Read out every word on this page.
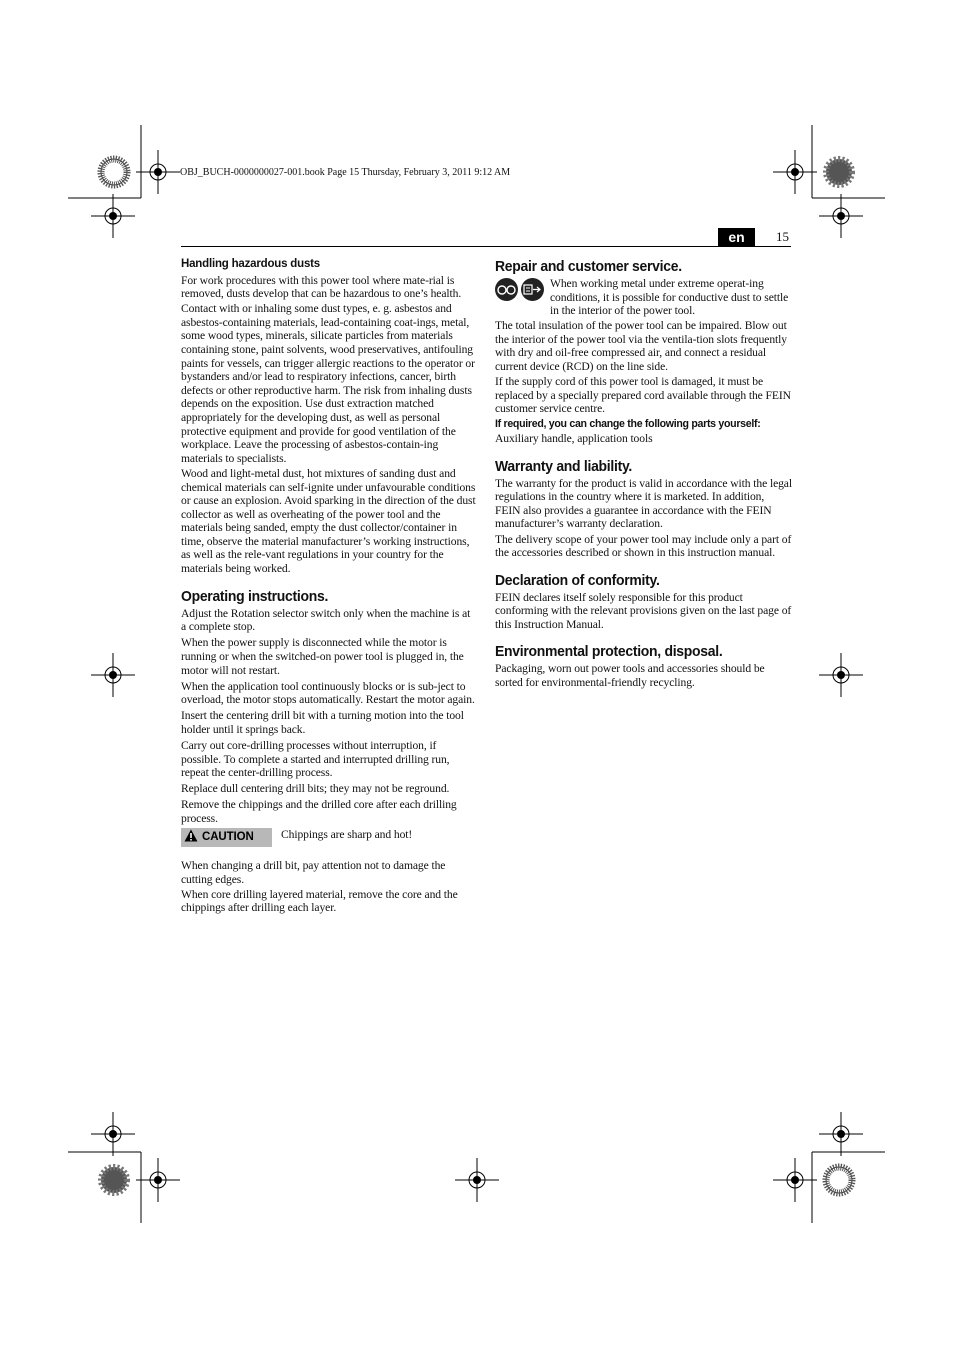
OBJ_BUCH-0000000027-001.book Page 15 Thursday, February 3, 2011 9:12 AM
en	15
Handling hazardous dusts

For work procedures with this power tool where mate-rial is removed, dusts develop that can be hazardous to one’s health.

Contact with or inhaling some dust types, e. g. asbestos and asbestos-containing materials, lead-containing coat-ings, metal, some wood types, minerals, silicate particles from materials containing stone, paint solvents, wood preservatives, antifouling paints for vessels, can trigger allergic reactions to the operator or bystanders and/or lead to respiratory infections, cancer, birth defects or other reproductive harm. The risk from inhaling dusts depends on the exposition. Use dust extraction matched appropriately for the developing dust, as well as personal protective equipment and provide for good ventilation of the workplace. Leave the processing of asbestos-contain-ing materials to specialists.

Wood and light-metal dust, hot mixtures of sanding dust and chemical materials can self-ignite under unfavourable conditions or cause an explosion. Avoid sparking in the direction of the dust collector as well as overheating of the power tool and the materials being sanded, empty the dust collector/container in time, observe the material manufacturer’s working instructions, as well as the rele-vant regulations in your country for the materials being worked.

Operating instructions.

Adjust the Rotation selector switch only when the machine is at a complete stop.

When the power supply is disconnected while the motor is running or when the switched-on power tool is plugged in, the motor will not restart.

When the application tool continuously blocks or is sub-ject to overload, the motor stops automatically. Restart the motor again.

Insert the centering drill bit with a turning motion into the tool holder until it springs back.

Carry out core-drilling processes without interruption, if possible. To complete a started and interrupted drilling run, repeat the center-drilling process.

Replace dull centering drill bits; they may not be reground.

Remove the chippings and the drilled core after each drilling process.

CAUTION Chippings are sharp and hot!

When changing a drill bit, pay attention not to damage the cutting edges.

When core drilling layered material, remove the core and the chippings after drilling each layer.

Repair and customer service.

When working metal under extreme operat-ing conditions, it is possible for conductive dust to settle in the interior of the power tool.

The total insulation of the power tool can be impaired. Blow out the interior of the power tool via the ventila-tion slots frequently with dry and oil-free compressed air, and connect a residual current device (RCD) on the line side.

If the supply cord of this power tool is damaged, it must be replaced by a specially prepared cord available through the FEIN customer service centre.

If required, you can change the following parts yourself:

Auxiliary handle, application tools

Warranty and liability.

The warranty for the product is valid in accordance with the legal regulations in the country where it is marketed. In addition, FEIN also provides a guarantee in accordance with the FEIN manufacturer’s warranty declaration.

The delivery scope of your power tool may include only a part of the accessories described or shown in this instruction manual.

Declaration of conformity.

FEIN declares itself solely responsible for this product conforming with the relevant provisions given on the last page of this Instruction Manual.

Environmental protection, disposal.

Packaging, worn out power tools and accessories should be sorted for environmental-friendly recycling.
